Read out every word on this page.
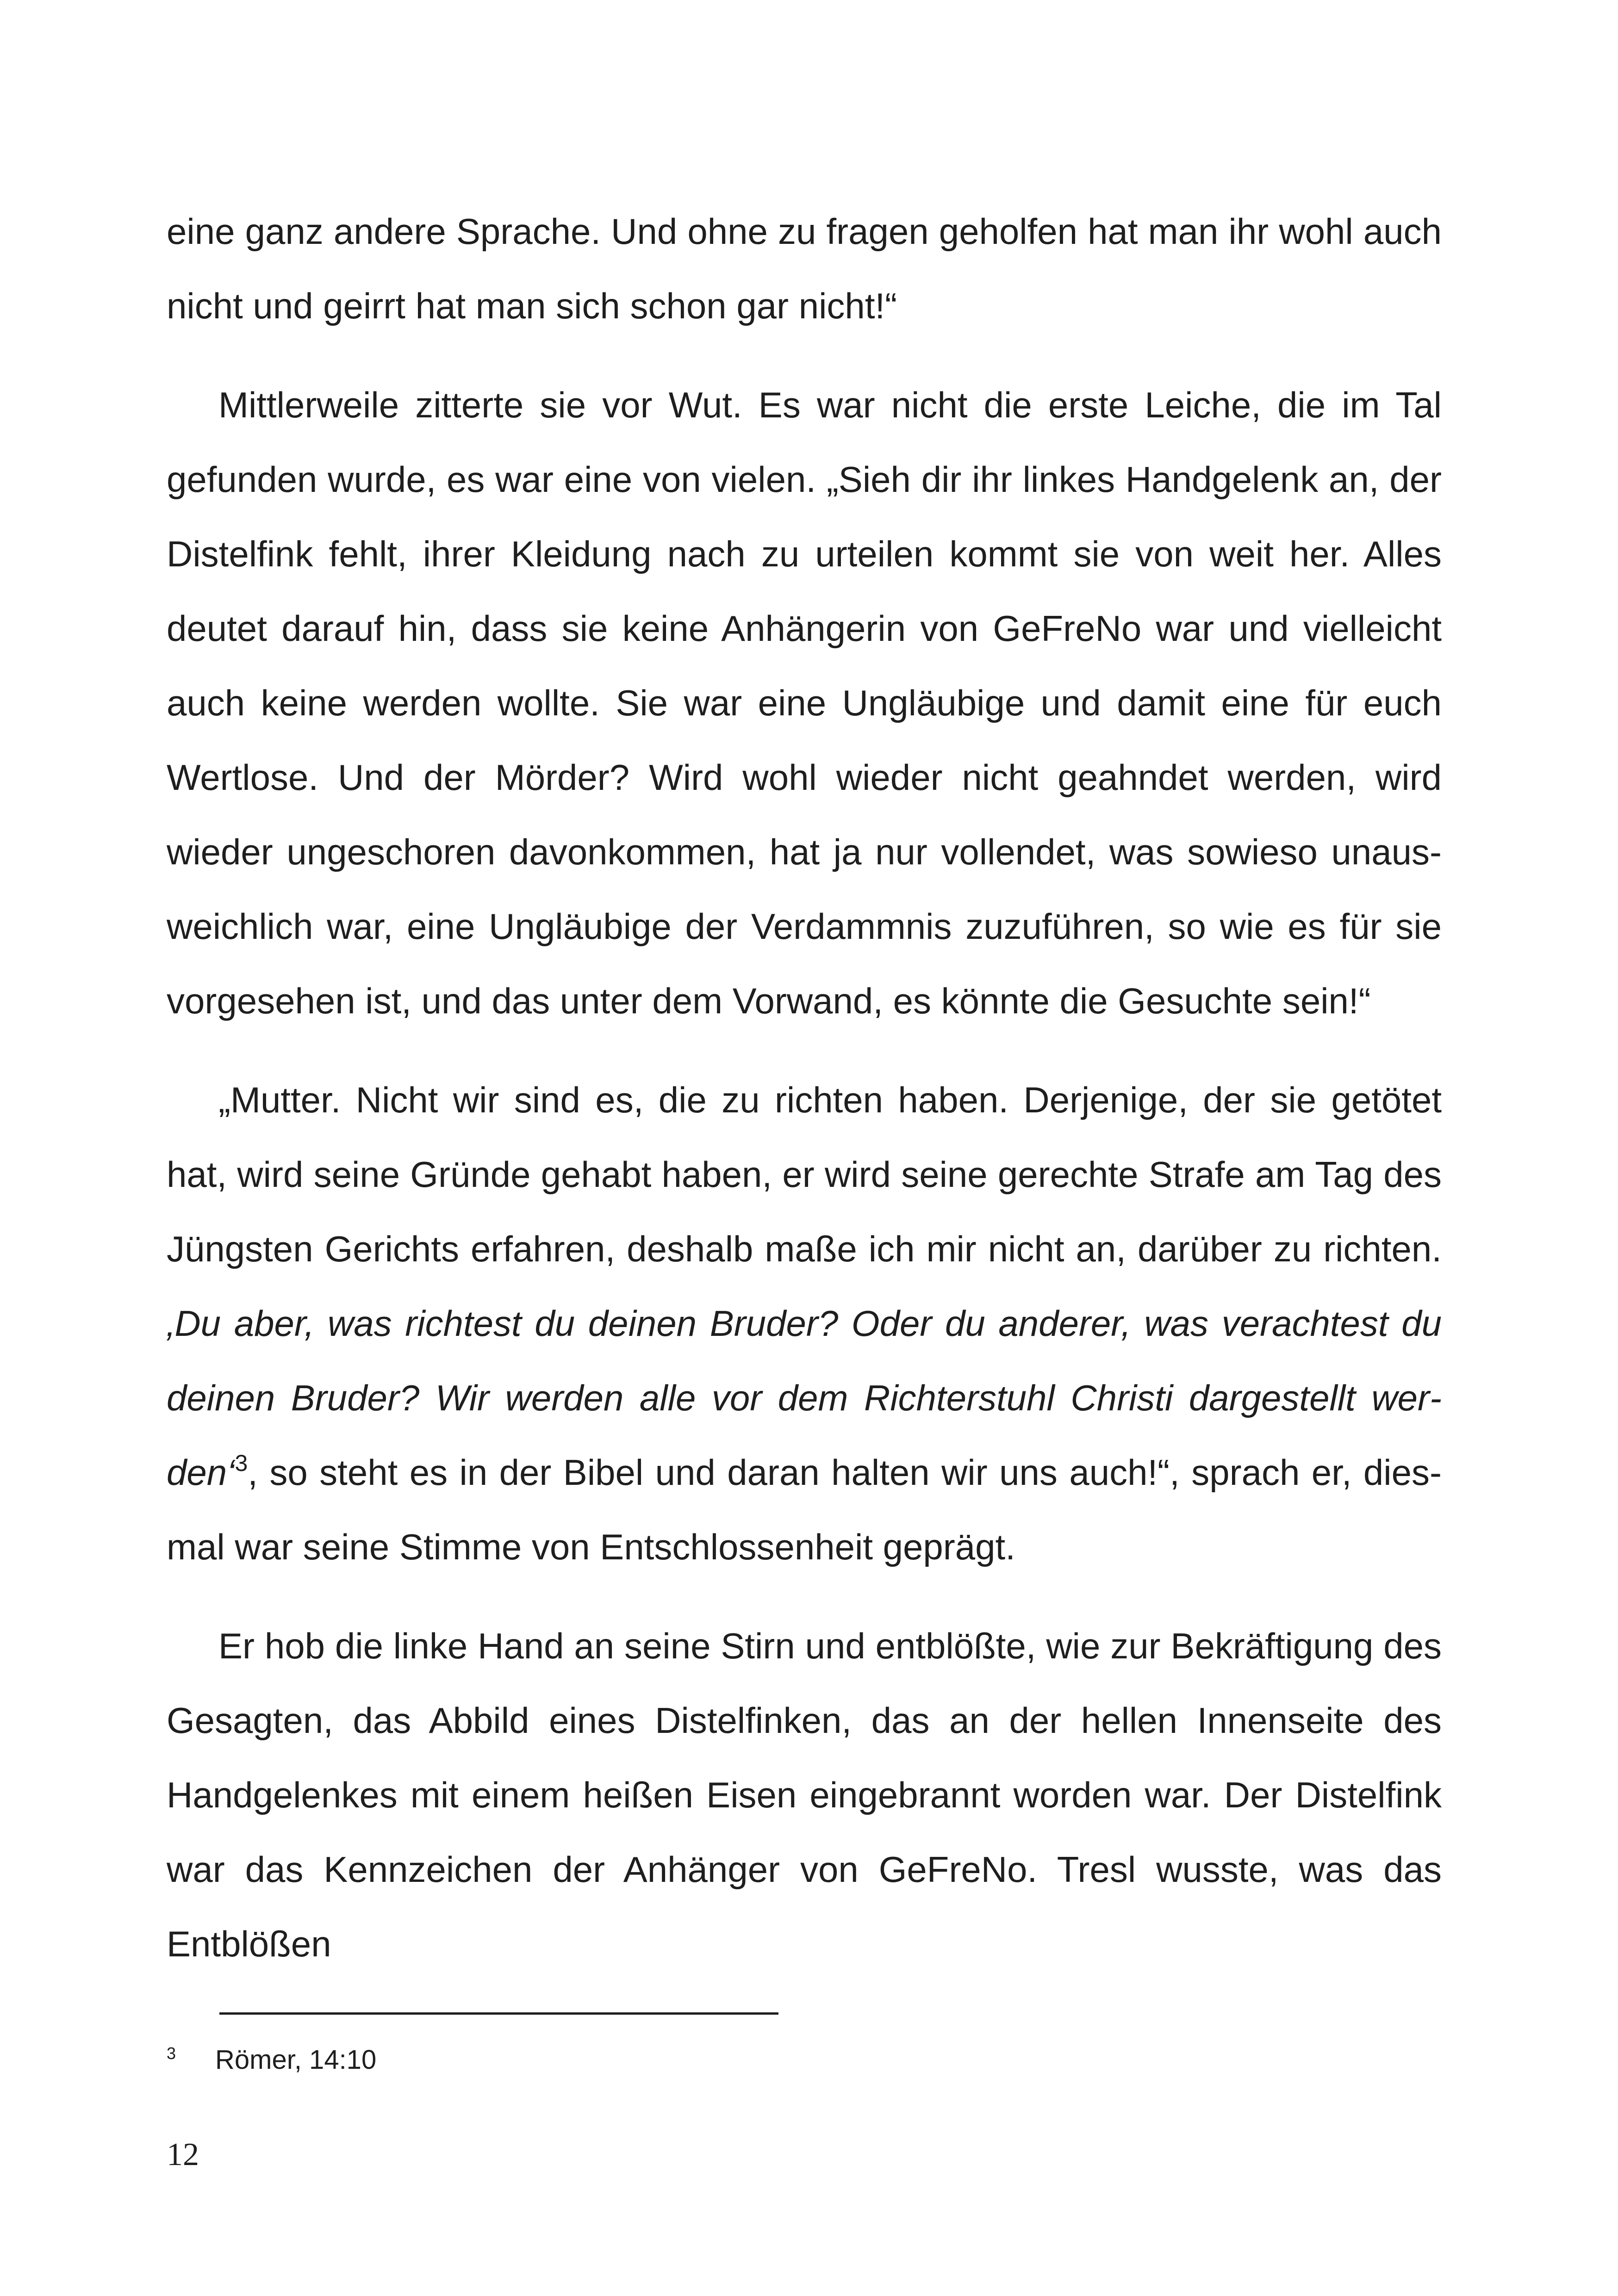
eine ganz andere Sprache. Und ohne zu fragen geholfen hat man ihr wohl auch nicht und geirrt hat man sich schon gar nicht!“

Mittlerweile zitterte sie vor Wut. Es war nicht die erste Leiche, die im Tal gefunden wurde, es war eine von vielen. „Sieh dir ihr linkes Handgelenk an, der Distelfink fehlt, ihrer Kleidung nach zu urteilen kommt sie von weit her. Alles deutet darauf hin, dass sie keine Anhängerin von GeFreNo war und vielleicht auch keine werden wollte. Sie war eine Ungläubige und damit eine für euch Wertlose. Und der Mörder? Wird wohl wieder nicht geahndet werden, wird wieder ungeschoren davonkommen, hat ja nur vollendet, was sowieso unausweichlich war, eine Ungläubige der Verdammnis zuzuführen, so wie es für sie vorgesehen ist, und das unter dem Vorwand, es könnte die Gesuchte sein!“

„Mutter. Nicht wir sind es, die zu richten haben. Derjenige, der sie getötet hat, wird seine Gründe gehabt haben, er wird seine gerechte Strafe am Tag des Jüngsten Gerichts erfahren, deshalb maße ich mir nicht an, darüber zu richten. ‚Du aber, was richtest du deinen Bruder? Oder du anderer, was verachtest du deinen Bruder? Wir werden alle vor dem Richterstuhl Christi dargestellt werden‘$^3$, so steht es in der Bibel und daran halten wir uns auch!“, sprach er, diesmal war seine Stimme von Entschlossenheit geprägt.

Er hob die linke Hand an seine Stirn und entblößte, wie zur Bekräftigung des Gesagten, das Abbild eines Distelfinken, das an der hellen Innenseite des Handgelenkes mit einem heißen Eisen eingebrannt worden war. Der Distelfink war das Kennzeichen der Anhänger von GeFreNo. Tresl wusste, was das Entblößen

3 Römer, 14:10
12
